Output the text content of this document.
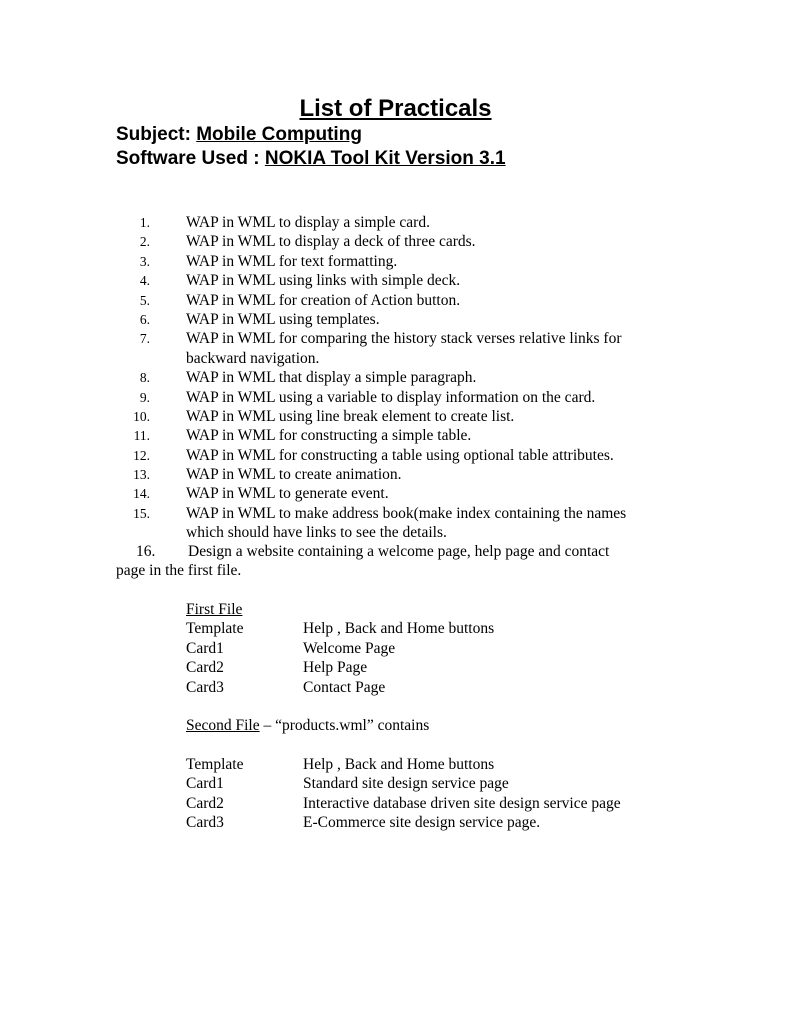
List of Practicals
Subject: Mobile Computing
Software Used : NOKIA Tool Kit Version 3.1
1. WAP in WML to display a simple card.
2. WAP in WML to display a deck of three cards.
3. WAP in WML for text formatting.
4. WAP in WML using links with simple deck.
5. WAP in WML for creation of Action button.
6. WAP in WML using templates.
7. WAP in WML for comparing the history stack verses relative links for
backward navigation.
8. WAP in WML that display a simple paragraph.
9. WAP in WML using a variable to display information on the card.
10. WAP in WML using line break element to create list.
11. WAP in WML for constructing a simple table.
12. WAP in WML for constructing a table using optional table attributes.
13. WAP in WML to create animation.
14. WAP in WML to generate event.
15. WAP in WML to make address book(make index containing the names
which should have links to see the details.
16. Design a website containing a welcome page, help page and contact
page in the first file.
First File
Template	Help , Back and Home buttons
Card1	Welcome Page
Card2	Help Page
Card3	Contact Page
Second File – “products.wml” contains
Template	Help , Back and Home buttons
Card1	Standard site design service page
Card2	Interactive database driven site design service page
Card3	E-Commerce site design service page.
